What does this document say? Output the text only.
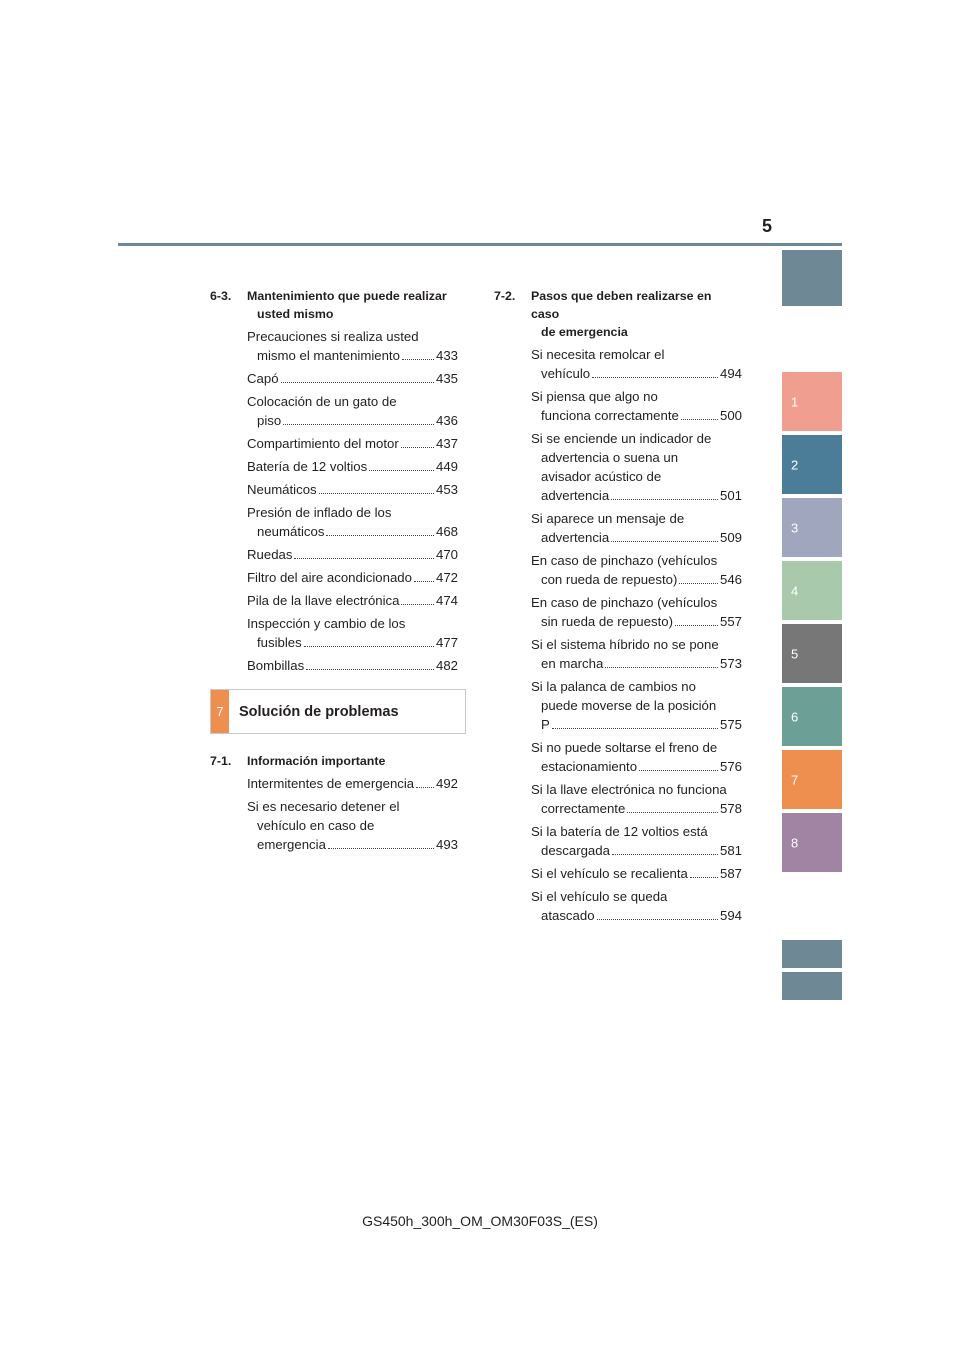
5
1
2
3
4
5
6
7
8
6-3. Mantenimiento que puede realizar
usted mismo
Precauciones si realiza usted
mismo el mantenimiento	433
Capó	435
Colocación de un gato de
piso	436
Compartimiento del motor	437
Batería de 12 voltios	449
Neumáticos	453
Presión de inflado de los
neumáticos	468
Ruedas	470
Filtro del aire acondicionado 472
Pila de la llave electrónica	474
Inspección y cambio de los
fusibles	477
Bombillas	482
7	Solución de problemas
7-1. Información importante
Intermitentes de emergencia 492
Si es necesario detener el
vehículo en caso de
emergencia	493
7-2. Pasos que deben realizarse en caso
de emergencia
Si necesita remolcar el
vehículo	494
Si piensa que algo no
funciona correctamente	500
Si se enciende un indicador de
advertencia o suena un
avisador acústico de
advertencia	501
Si aparece un mensaje de
advertencia	509
En caso de pinchazo (vehículos
con rueda de repuesto)	546
En caso de pinchazo (vehículos
sin rueda de repuesto)	557
Si el sistema híbrido no se pone
en marcha	573
Si la palanca de cambios no
puede moverse de la posición
P	575
Si no puede soltarse el freno de
estacionamiento	576
Si la llave electrónica no funciona
correctamente	578
Si la batería de 12 voltios está
descargada	581
Si el vehículo se recalienta 587
Si el vehículo se queda
atascado	594
GS450h_300h_OM_OM30F03S_(ES)
